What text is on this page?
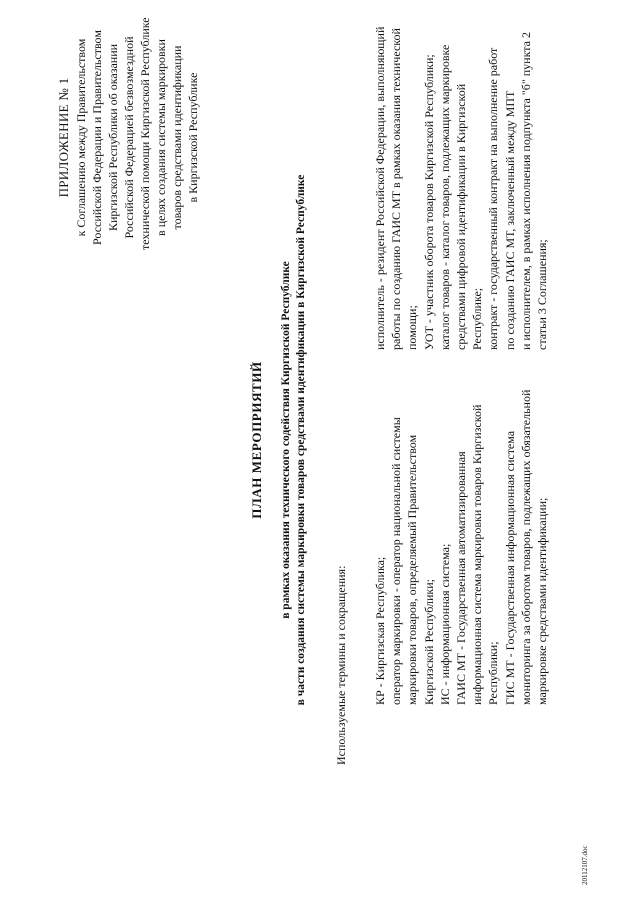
ПРИЛОЖЕНИЕ № 1 к Соглашению между Правительством Российской Федерации и Правительством Киргизской Республики об оказании Российской Федерацией безвозмездной технической помощи Киргизской Республике в целях создания системы маркировки товаров средствами идентификации в Киргизской Республике
ПЛАН МЕРОПРИЯТИЙ в рамках оказания технического содействия Киргизской Республике в части создания системы маркировки товаров средствами идентификации в Киргизской Республике Используемые термины и сокращения: КР - Киргизская Республика; оператор маркировки - оператор национальной системы маркировки товаров, определяемый Правительством Киргизской Республики; ИС - информационная система; ГАИС МТ - Государственная автоматизированная информационная система маркировки товаров Киргизской Республики; ГИС МТ - Государственная информационная система мониторинга за оборотом товаров, подлежащих обязательной маркировке средствами идентификации;
исполнитель - резидент Российской Федерации, выполняющий работы по созданию ГАИС МТ в рамках оказания технической помощи; УОТ - участник оборота товаров Киргизской Республики; каталог товаров - каталог товаров, подлежащих маркировке средствами цифровой идентификации в Киргизской Республике; контракт - государственный контракт на выполнение работ по созданию ГАИС МТ, заключенный между МПТ и исполнителем, в рамках исполнения подпункта "б" пункта 2 статьи 3 Соглашения;
20112107.doc
